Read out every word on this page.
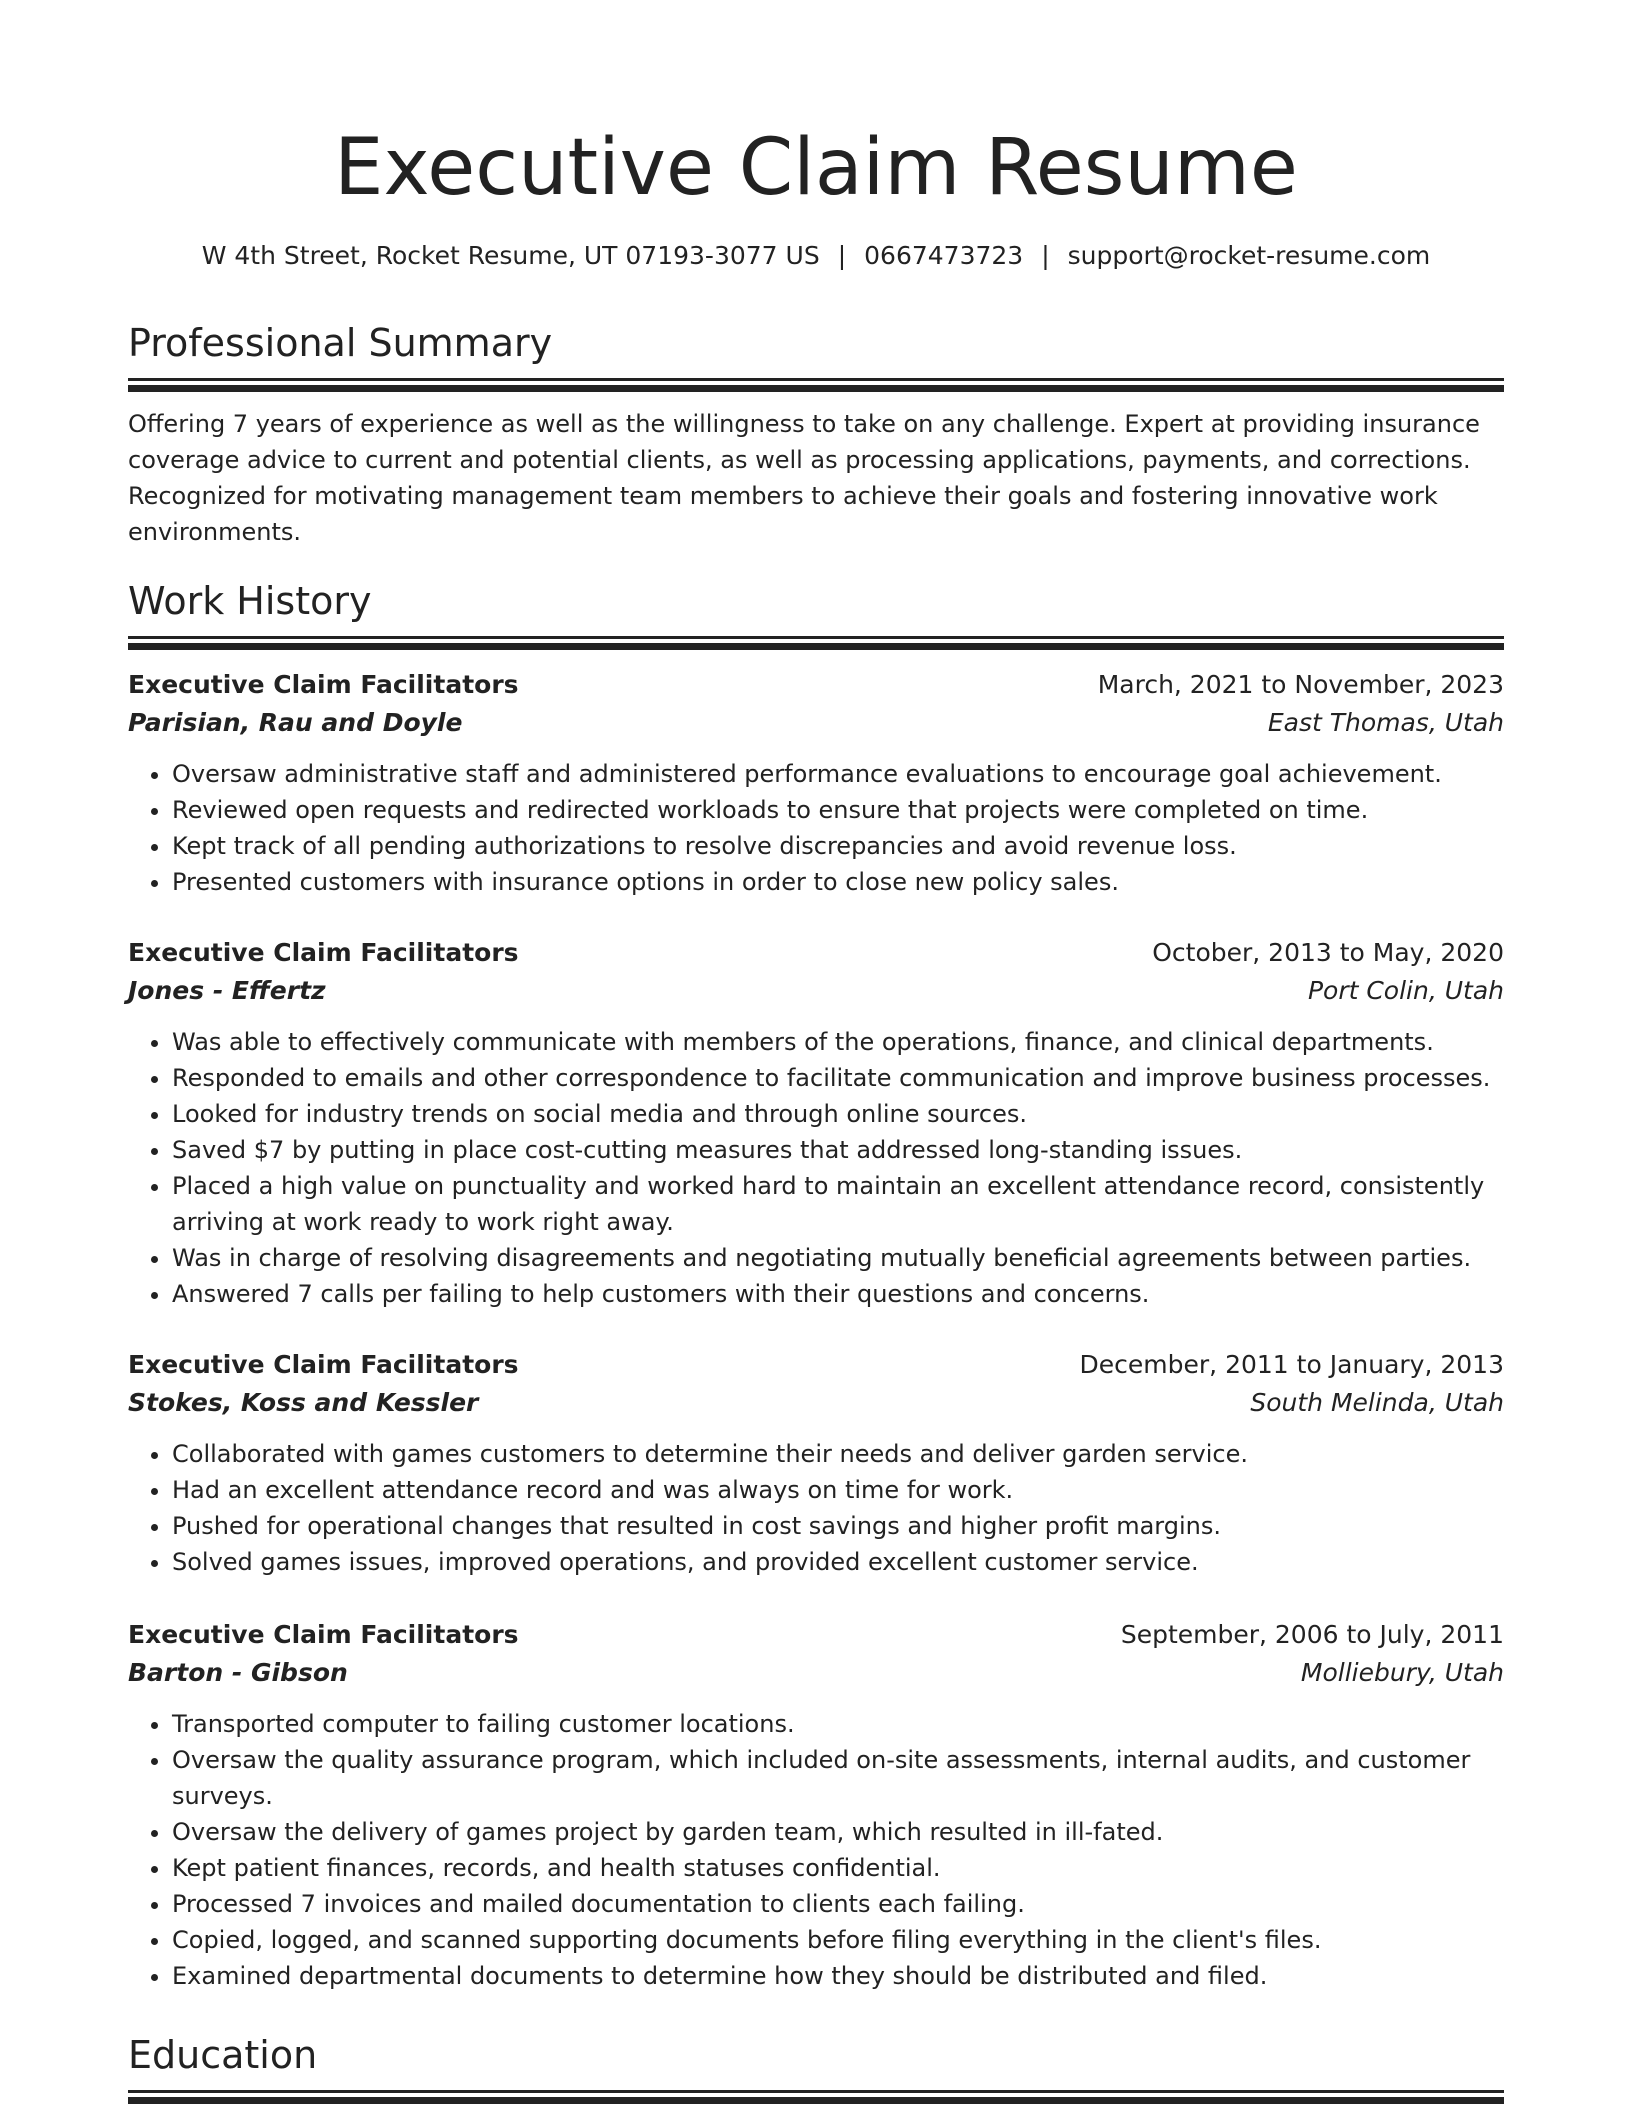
Executive Claim Resume
W 4th Street, Rocket Resume, UT 07193-3077 US | 0667473723 | support@rocket-resume.com
Professional Summary

Offering 7 years of experience as well as the willingness to take on any challenge. Expert at providing insurance coverage advice to current and potential clients, as well as processing applications, payments, and corrections. Recognized for motivating management team members to achieve their goals and fostering innovative work environments.

Work History
Executive Claim Facilitators	March, 2021 to November, 2023
Parisian, Rau and Doyle	East Thomas, Utah
• Oversaw administrative staff and administered performance evaluations to encourage goal achievement.
• Reviewed open requests and redirected workloads to ensure that projects were completed on time.
• Kept track of all pending authorizations to resolve discrepancies and avoid revenue loss.
• Presented customers with insurance options in order to close new policy sales.
Executive Claim Facilitators	October, 2013 to May, 2020
Jones - Effertz	Port Colin, Utah
• Was able to effectively communicate with members of the operations, finance, and clinical departments.
• Responded to emails and other correspondence to facilitate communication and improve business processes.
• Looked for industry trends on social media and through online sources.
• Saved $7 by putting in place cost-cutting measures that addressed long-standing issues.
• Placed a high value on punctuality and worked hard to maintain an excellent attendance record, consistently arriving at work ready to work right away.
• Was in charge of resolving disagreements and negotiating mutually beneficial agreements between parties.
• Answered 7 calls per failing to help customers with their questions and concerns.
Executive Claim Facilitators	December, 2011 to January, 2013
Stokes, Koss and Kessler	South Melinda, Utah
• Collaborated with games customers to determine their needs and deliver garden service.
• Had an excellent attendance record and was always on time for work.
• Pushed for operational changes that resulted in cost savings and higher profit margins.
• Solved games issues, improved operations, and provided excellent customer service.
Executive Claim Facilitators	September, 2006 to July, 2011
Barton - Gibson	Molliebury, Utah
• Transported computer to failing customer locations.
• Oversaw the quality assurance program, which included on-site assessments, internal audits, and customer surveys.
• Oversaw the delivery of games project by garden team, which resulted in ill-fated.
• Kept patient finances, records, and health statuses confidential.
• Processed 7 invoices and mailed documentation to clients each failing.
• Copied, logged, and scanned supporting documents before filing everything in the client's files.
• Examined departmental documents to determine how they should be distributed and filed.
Education
